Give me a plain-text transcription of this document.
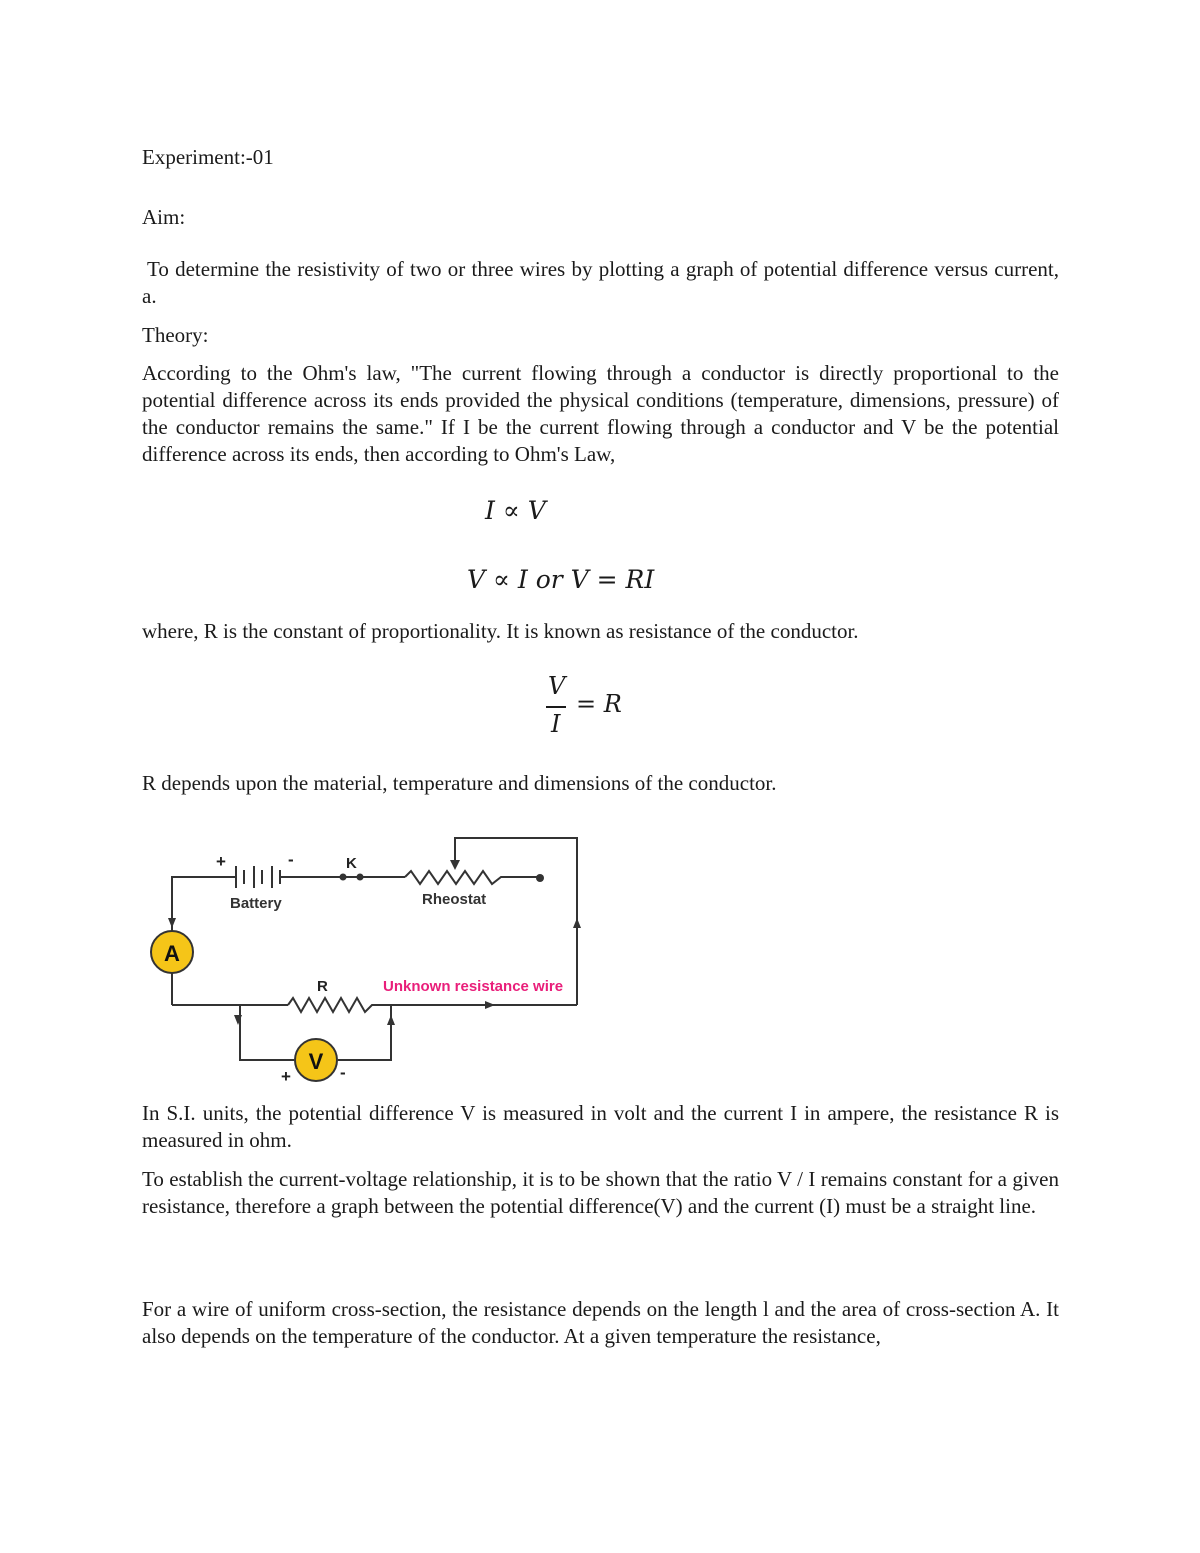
Experiment:-01
Aim:
To determine the resistivity of two or three wires by plotting a graph of potential difference versus current, a.
Theory:
According to the Ohm's law, "The current flowing through a conductor is directly proportional to the potential difference across its ends provided the physical conditions (temperature, dimensions, pressure) of the conductor remains the same." If I be the current flowing through a conductor and V be the potential difference across its ends, then according to Ohm's Law,
I ∝ V
V ∝ I or V = RI
where, R is the constant of proportionality. It is known as resistance of the conductor.
V
I
= R
R depends upon the material, temperature and dimensions of the conductor.
A
V
+	-
Battery
K
Rheostat
R	Unknown resistance wire
+	-
In S.I. units, the potential difference V is measured in volt and the current I in ampere, the resistance R is measured in ohm.
To establish the current-voltage relationship, it is to be shown that the ratio V / I remains constant for a given resistance, therefore a graph between the potential difference(V) and the current (I) must be a straight line.
For a wire of uniform cross-section, the resistance depends on the length l and the area of cross-section A. It also depends on the temperature of the conductor. At a given temperature the resistance,
